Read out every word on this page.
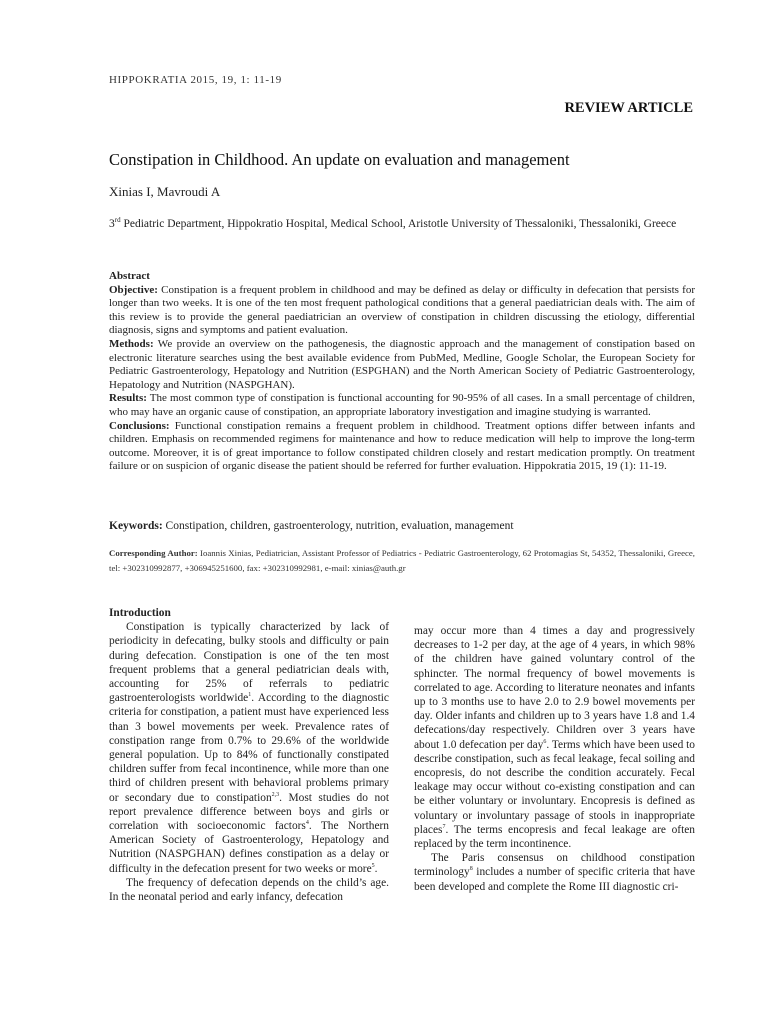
HIPPOKRATIA 2015, 19, 1: 11-19
REVIEW ARTICLE
Constipation in Childhood. An update on evaluation and management
Xinias I, Mavroudi A
3rd Pediatric Department, Hippokratio Hospital, Medical School, Aristotle University of Thessaloniki, Thessaloniki, Greece

Abstract

Objective: Constipation is a frequent problem in childhood and may be defined as delay or difficulty in defecation that persists for longer than two weeks. It is one of the ten most frequent pathological conditions that a general paediatrician deals with. The aim of this review is to provide the general paediatrician an overview of constipation in children discussing the etiology, differential diagnosis, signs and symptoms and patient evaluation.

Methods: We provide an overview on the pathogenesis, the diagnostic approach and the management of constipation based on electronic literature searches using the best available evidence from PubMed, Medline, Google Scholar, the European Society for Pediatric Gastroenterology, Hepatology and Nutrition (ESPGHAN) and the North American Society of Pediatric Gastroenterology, Hepatology and Nutrition (NASPGHAN).

Results: The most common type of constipation is functional accounting for 90-95% of all cases. In a small percentage of children, who may have an organic cause of constipation, an appropriate laboratory investigation and imagine studying is warranted.

Conclusions: Functional constipation remains a frequent problem in childhood. Treatment options differ between infants and children. Emphasis on recommended regimens for maintenance and how to reduce medication will help to improve the long-term outcome. Moreover, it is of great importance to follow constipated children closely and restart medication promptly. On treatment failure or on suspicion of organic disease the patient should be referred for further evaluation. Hippokratia 2015, 19 (1): 11-19.

Keywords: Constipation, children, gastroenterology, nutrition, evaluation, management
Corresponding Author: Ioannis Xinias, Pediatrician, Assistant Professor of Pediatrics - Pediatric Gastroenterology, 62 Protomagias St, 54352, Thessaloniki, Greece, tel: +302310992877, +306945251600, fax: +302310992981, e-mail: xinias@auth.gr

Introduction

Constipation is typically characterized by lack of periodicity in defecating, bulky stools and difficulty or pain during defecation. Constipation is one of the ten most frequent problems that a general pediatrician deals with, accounting for 25% of referrals to pediatric gastroenterologists worldwide$^1$. According to the diagnostic criteria for constipation, a patient must have experienced less than 3 bowel movements per week. Prevalence rates of constipation range from 0.7% to 29.6% of the worldwide general population. Up to 84% of functionally constipated children suffer from fecal incontinence, while more than one third of children present with behavioral problems primary or secondary due to constipation$^{2,3}$. Most studies do not report prevalence difference between boys and girls or correlation with socioeconomic factors$^4$. The Northern American Society of Gastroenterology, Hepatology and Nutrition (NASPGHAN) defines constipation as a delay or difficulty in the defecation present for two weeks or more$^5$.

The frequency of defecation depends on the child’s age. In the neonatal period and early infancy, defecation

may occur more than 4 times a day and progressively decreases to 1-2 per day, at the age of 4 years, in which 98% of the children have gained voluntary control of the sphincter. The normal frequency of bowel movements is correlated to age. According to literature neonates and infants up to 3 months use to have 2.0 to 2.9 bowel movements per day. Older infants and children up to 3 years have 1.8 and 1.4 defecations/day respectively. Children over 3 years have about 1.0 defecation per day$^6$. Terms which have been used to describe constipation, such as fecal leakage, fecal soiling and encopresis, do not describe the condition accurately. Fecal leakage may occur without co-existing constipation and can be either voluntary or involuntary. Encopresis is defined as voluntary or involuntary passage of stools in inappropriate places$^7$. The terms encopresis and fecal leakage are often replaced by the term incontinence.

The Paris consensus on childhood constipation terminology$^8$ includes a number of specific criteria that have been developed and complete the Rome III diagnostic cri-
